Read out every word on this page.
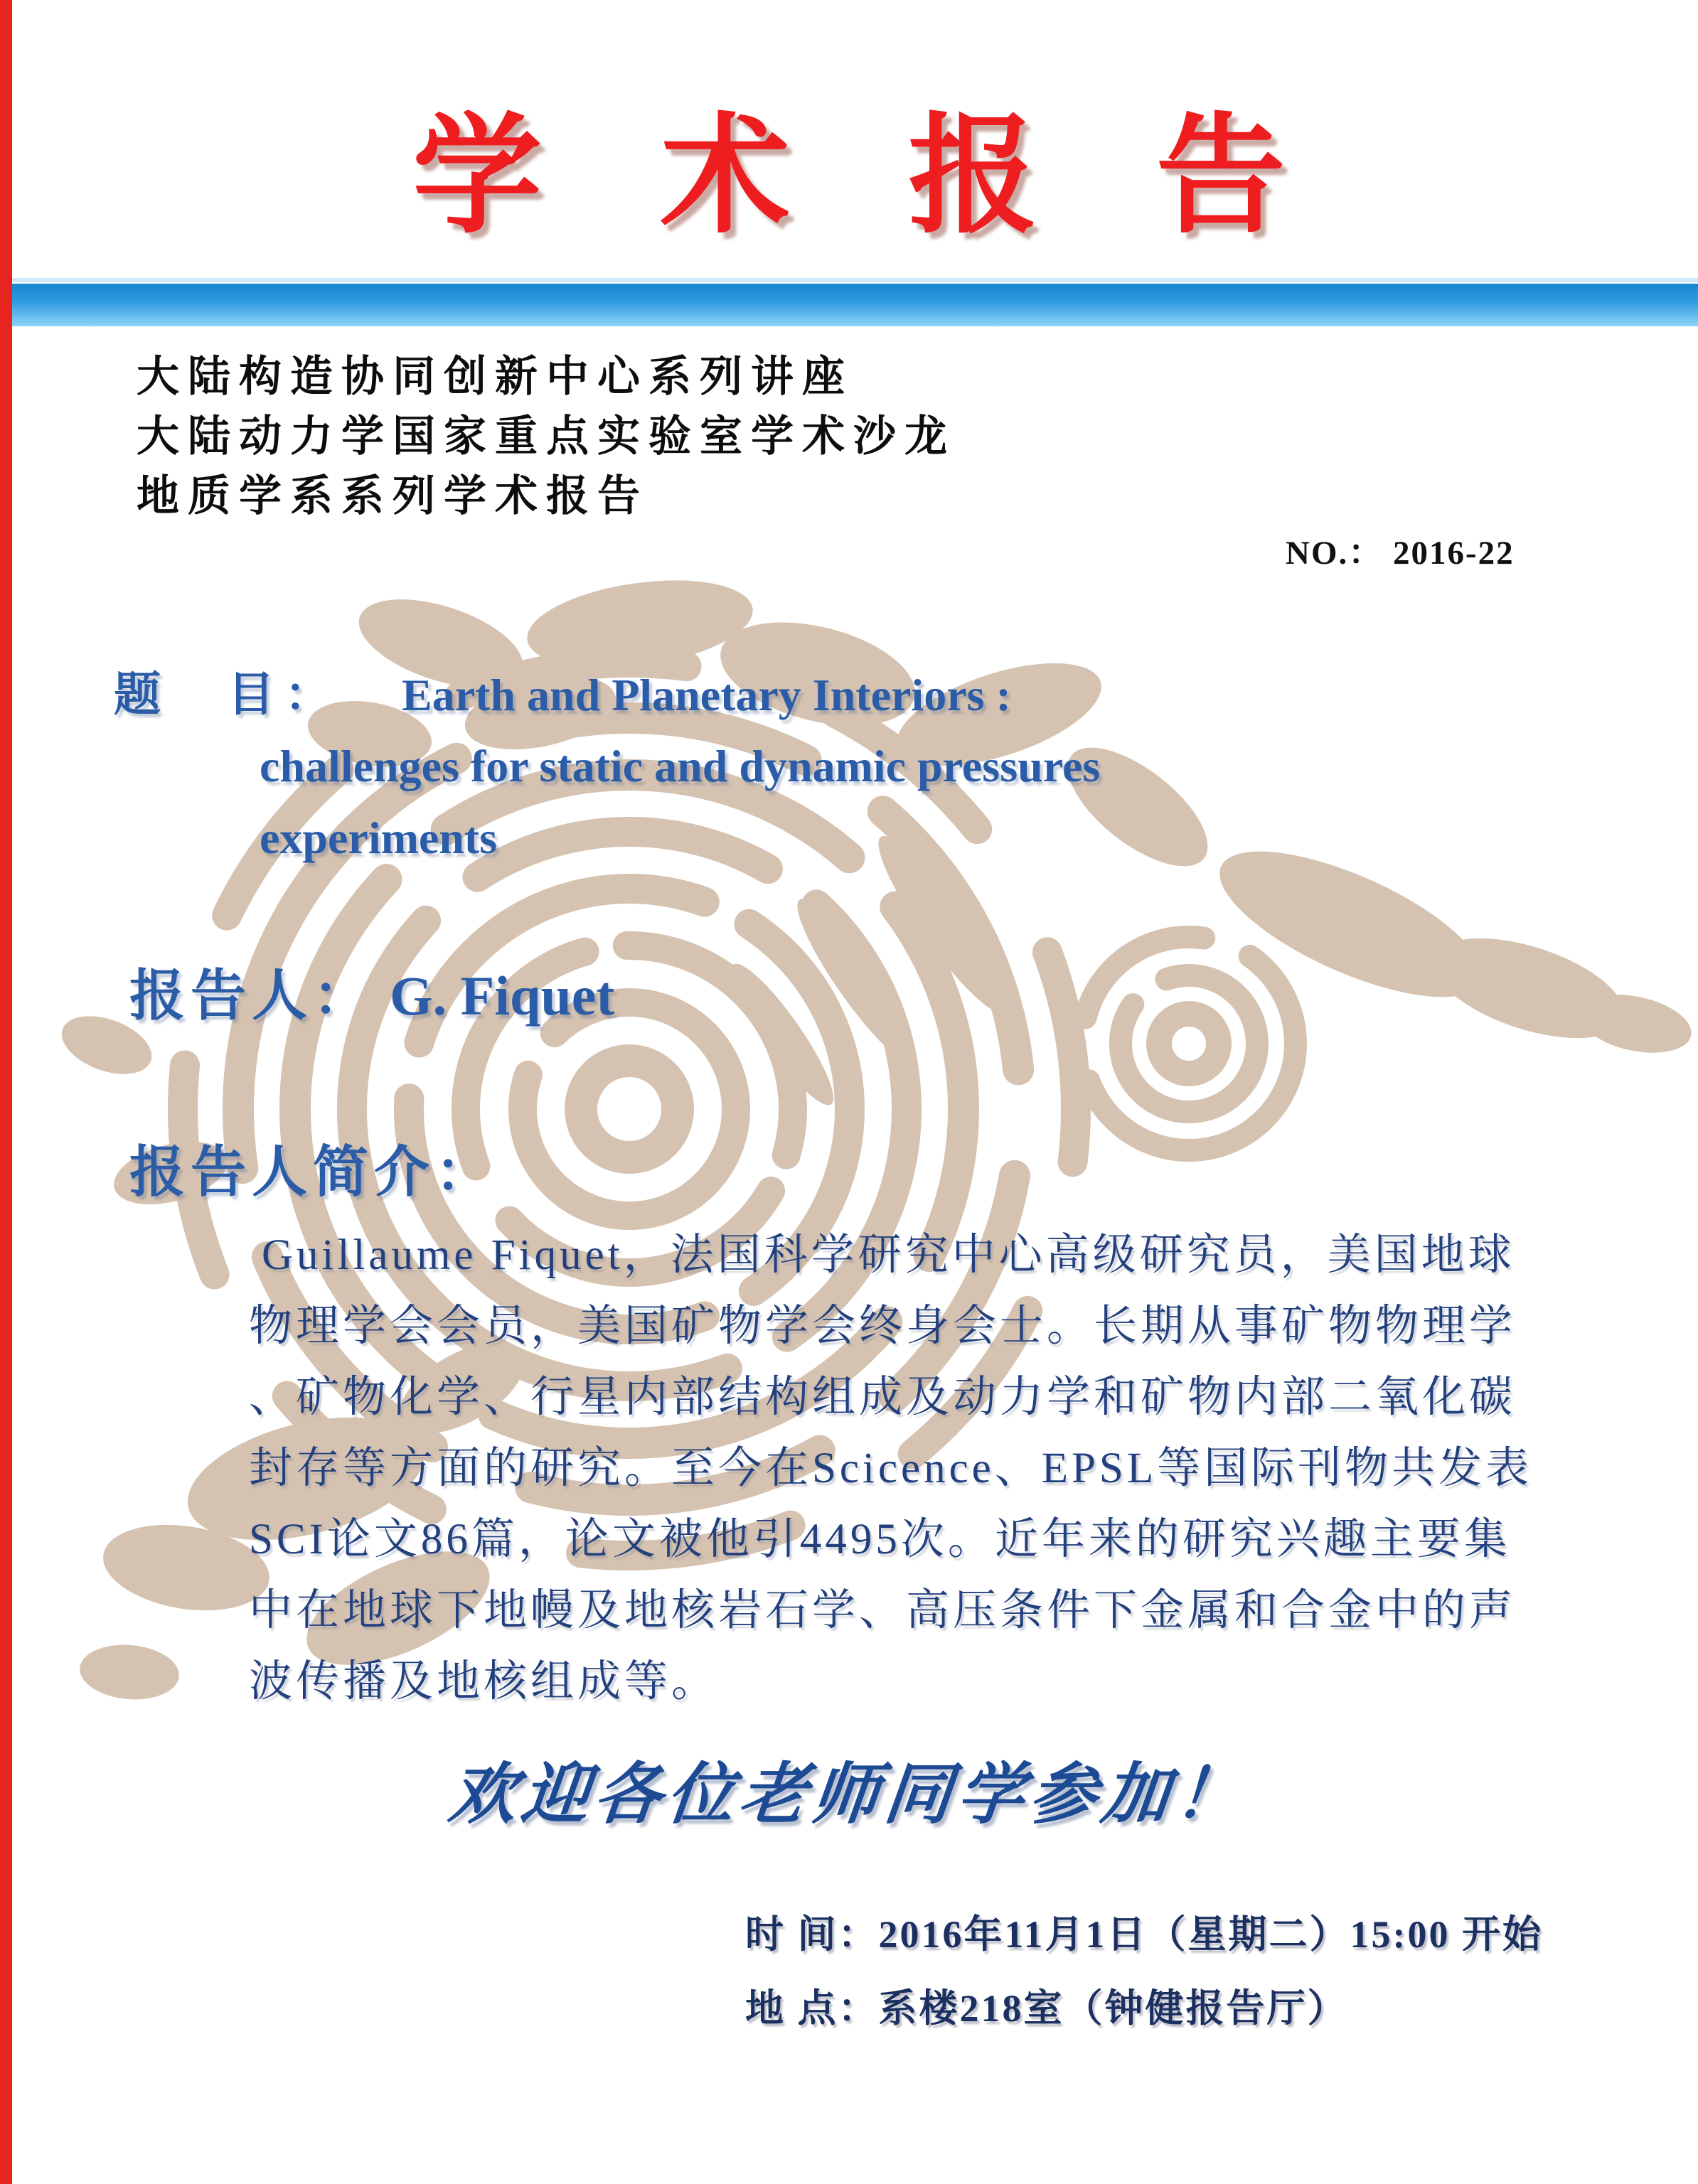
学 术 报 告
大陆构造协同创新中心系列讲座
大陆动力学国家重点实验室学术沙龙
地质学系系列学术报告
NO.： 2016-22
题　目： Earth and Planetary Interiors :
challenges for static and dynamic pressures
experiments
报告人： G. Fiquet
报告人简介：
Guillaume Fiquet，法国科学研究中心高级研究员，美国地球
物理学会会员，美国矿物学会终身会士。长期从事矿物物理学
、矿物化学、行星内部结构组成及动力学和矿物内部二氧化碳
封存等方面的研究。至今在Scicence、EPSL等国际刊物共发表
SCI论文86篇，论文被他引4495次。近年来的研究兴趣主要集
中在地球下地幔及地核岩石学、高压条件下金属和合金中的声
波传播及地核组成等。
欢迎各位老师同学参加！
时 间：2016年11月1日（星期二）15:00 开始
地 点：系楼218室（钟健报告厅）
